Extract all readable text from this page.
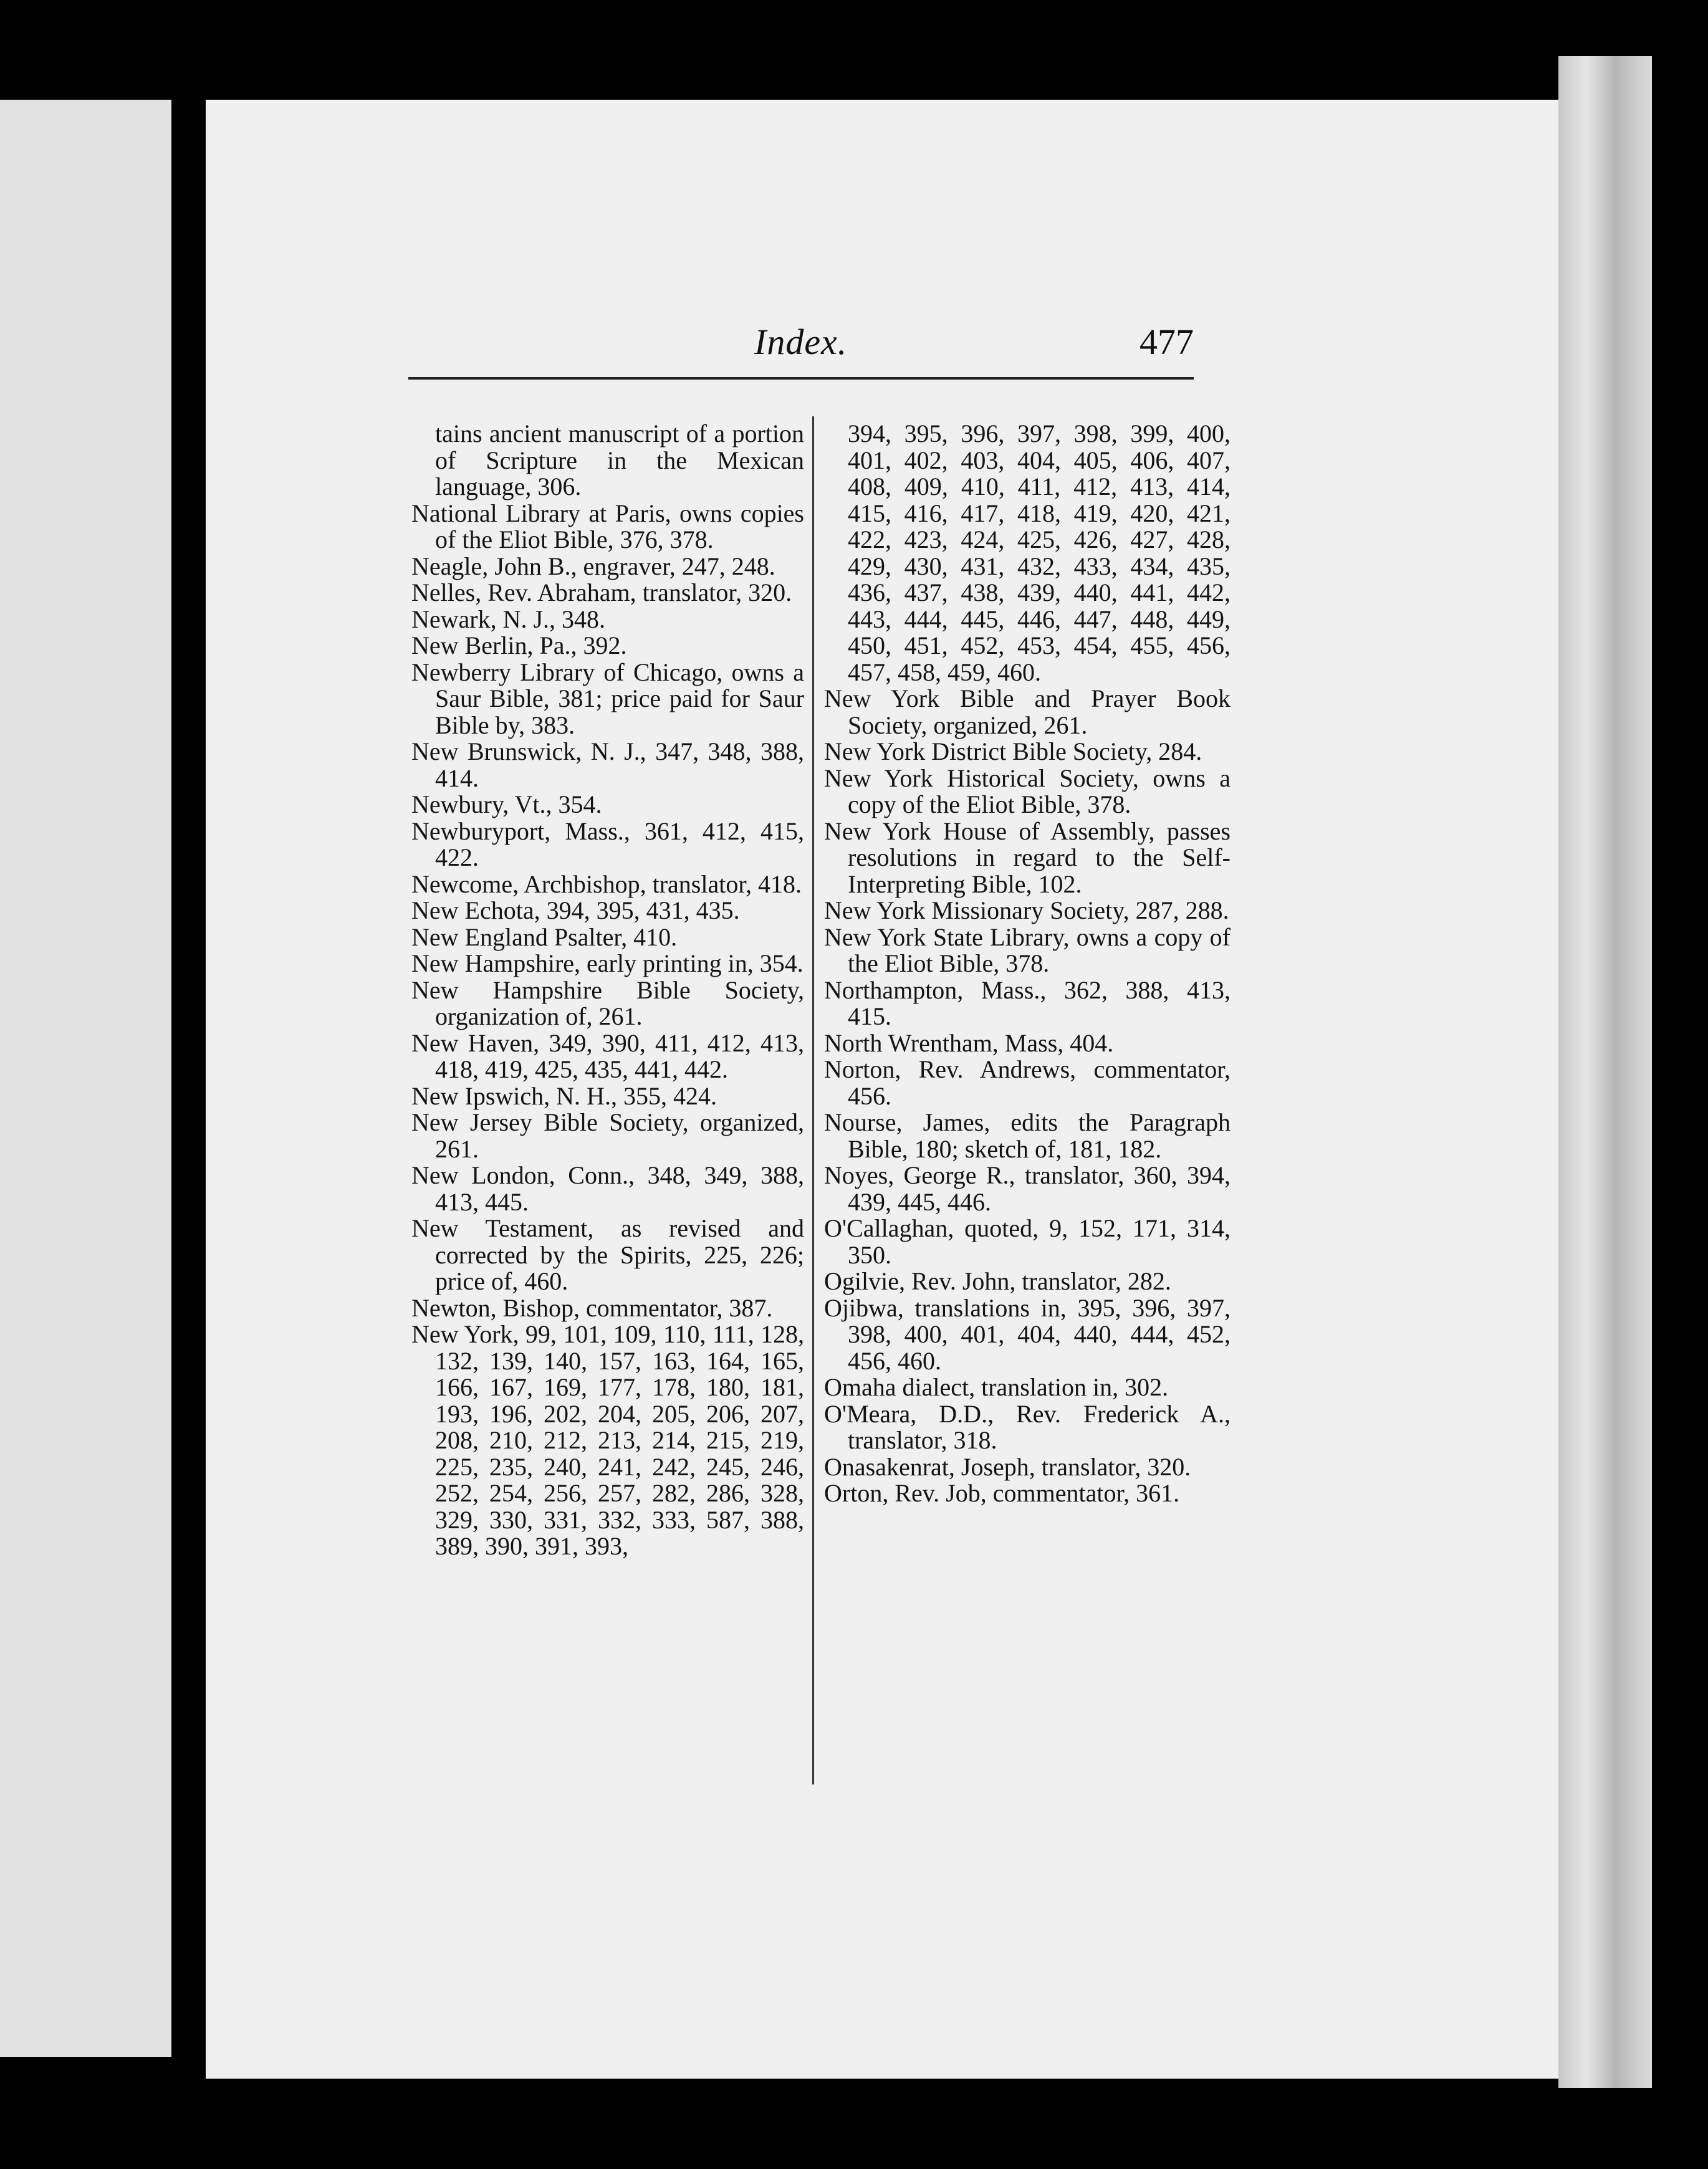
Index.	477

tains ancient manuscript of a portion of Scripture in the Mexican language, 306.

National Library at Paris, owns copies of the Eliot Bible, 376, 378.

Neagle, John B., engraver, 247, 248.

Nelles, Rev. Abraham, translator, 320.

Newark, N. J., 348.

New Berlin, Pa., 392.

Newberry Library of Chicago, owns a Saur Bible, 381; price paid for Saur Bible by, 383.

New Brunswick, N. J., 347, 348, 388, 414.

Newbury, Vt., 354.

Newburyport, Mass., 361, 412, 415, 422.

Newcome, Archbishop, translator, 418.

New Echota, 394, 395, 431, 435.

New England Psalter, 410.

New Hampshire, early printing in, 354.

New Hampshire Bible Society, organization of, 261.

New Haven, 349, 390, 411, 412, 413, 418, 419, 425, 435, 441, 442.

New Ipswich, N. H., 355, 424.

New Jersey Bible Society, organized, 261.

New London, Conn., 348, 349, 388, 413, 445.

New Testament, as revised and corrected by the Spirits, 225, 226; price of, 460.

Newton, Bishop, commentator, 387.

New York, 99, 101, 109, 110, 111, 128, 132, 139, 140, 157, 163, 164, 165, 166, 167, 169, 177, 178, 180, 181, 193, 196, 202, 204, 205, 206, 207, 208, 210, 212, 213, 214, 215, 219, 225, 235, 240, 241, 242, 245, 246, 252, 254, 256, 257, 282, 286, 328, 329, 330, 331, 332, 333, 587, 388, 389, 390, 391, 393,

394, 395, 396, 397, 398, 399, 400, 401, 402, 403, 404, 405, 406, 407, 408, 409, 410, 411, 412, 413, 414, 415, 416, 417, 418, 419, 420, 421, 422, 423, 424, 425, 426, 427, 428, 429, 430, 431, 432, 433, 434, 435, 436, 437, 438, 439, 440, 441, 442, 443, 444, 445, 446, 447, 448, 449, 450, 451, 452, 453, 454, 455, 456, 457, 458, 459, 460.

New York Bible and Prayer Book Society, organized, 261.

New York District Bible Society, 284.

New York Historical Society, owns a copy of the Eliot Bible, 378.

New York House of Assembly, passes resolutions in regard to the Self-Interpreting Bible, 102.

New York Missionary Society, 287, 288.

New York State Library, owns a copy of the Eliot Bible, 378.

Northampton, Mass., 362, 388, 413, 415.

North Wrentham, Mass, 404.

Norton, Rev. Andrews, commentator, 456.

Nourse, James, edits the Paragraph Bible, 180; sketch of, 181, 182.

Noyes, George R., translator, 360, 394, 439, 445, 446.

O'Callaghan, quoted, 9, 152, 171, 314, 350.

Ogilvie, Rev. John, translator, 282.

Ojibwa, translations in, 395, 396, 397, 398, 400, 401, 404, 440, 444, 452, 456, 460.

Omaha dialect, translation in, 302.

O'Meara, D.D., Rev. Frederick A., translator, 318.

Onasakenrat, Joseph, translator, 320.

Orton, Rev. Job, commentator, 361.
